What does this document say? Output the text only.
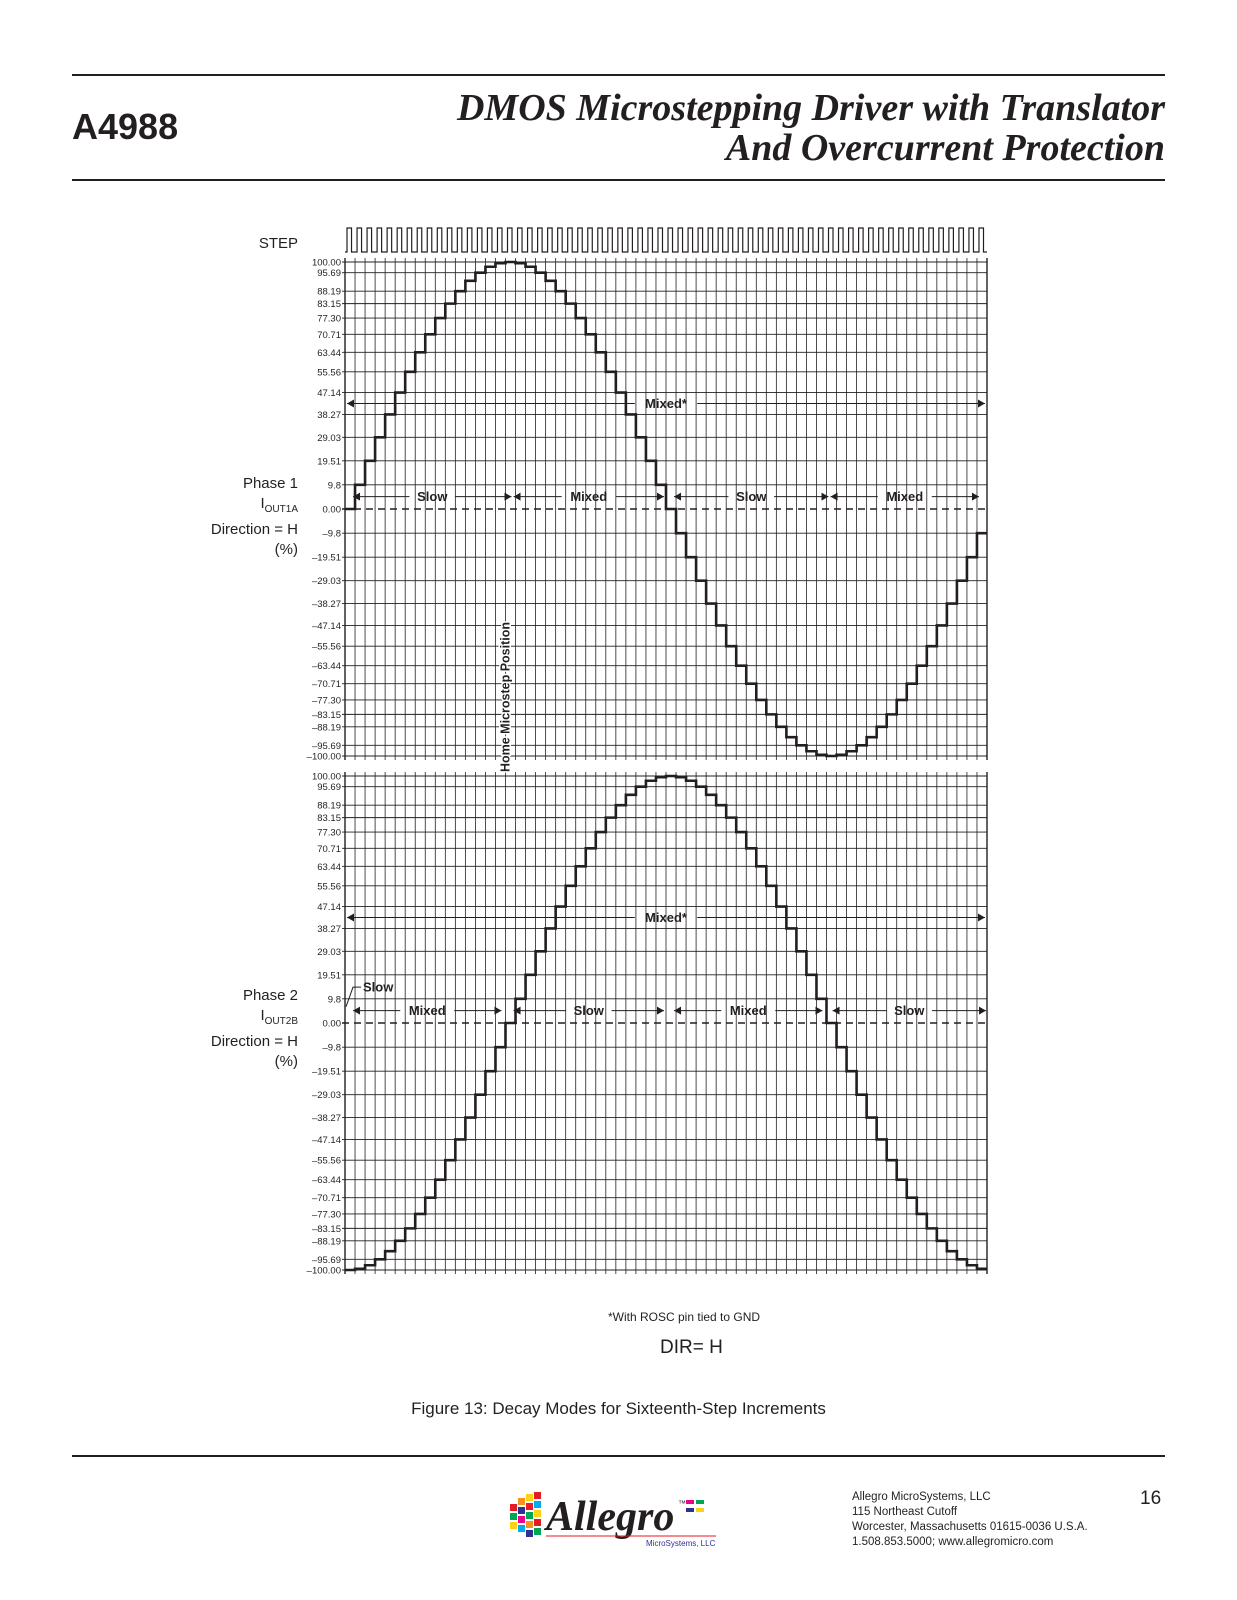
A4988	DMOS Microstepping Driver with Translator
And Overcurrent Protection
STEP
Phase 1
$I_{OUT1A}$
Direction = H
(%)
Phase 2
$I_{OUT2B}$
Direction = H
(%)
100.00
95.69
88.19
83.15
77.30
70.71
63.44
55.56
47.14
38.27
29.03
19.51
9.8
0.00
–9.8
–19.51
–29.03
–38.27
–47.14
–55.56
–63.44
–70.71
–77.30
–83.15
–88.19
–95.69
–100.00
Mixed*
Slow	Mixed	Slow	Mixed
100.00
95.69
88.19
83.15
77.30
70.71
63.44
55.56
47.14
38.27
29.03
19.51
9.8
0.00
–9.8
–19.51
–29.03
–38.27
–47.14
–55.56
–63.44
–70.71
–77.30
–83.15
–88.19
–95.69
–100.00
Mixed*
Mixed	Slow	Mixed	Slow
Slow
Home Microstep Position
*With ROSC pin tied to GND
DIR= H
Figure 13: Decay Modes for Sixteenth-Step Increments
Allegro ™
MicroSystems, LLC
Allegro MicroSystems, LLC
115 Northeast Cutoff
Worcester, Massachusetts 01615-0036 U.S.A.
1.508.853.5000; www.allegromicro.com
16
